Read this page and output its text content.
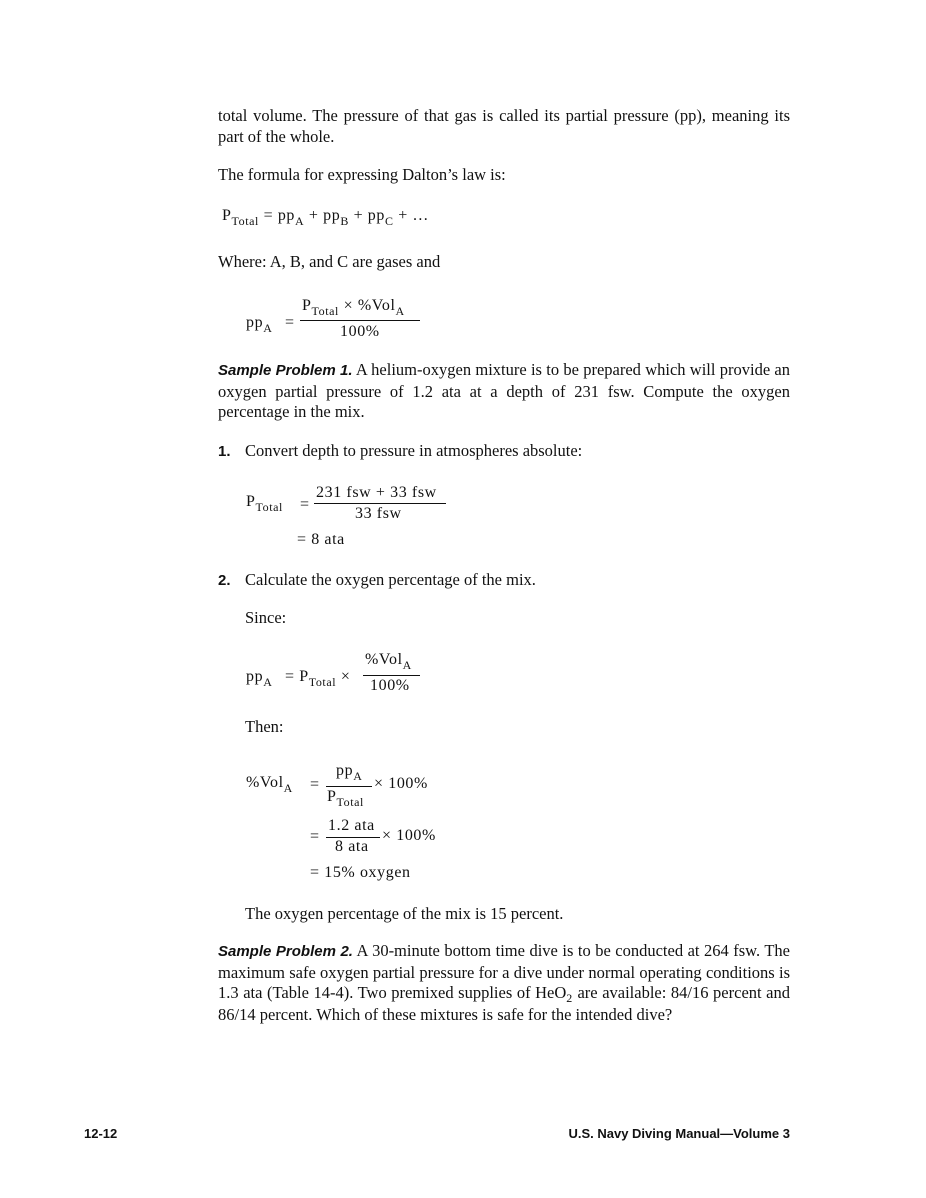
total volume. The pressure of that gas is called its partial pressure (pp), meaning its part of the whole.
The formula for expressing Dalton’s law is:
$P_{Total} = pp_A + pp_B + pp_C$ + …
Where: A, B, and C are gases and
$pp_A$ =
$P_{Total} \times \%Vol_A$
100%
Sample Problem 1. A helium-oxygen mixture is to be prepared which will provide an oxygen partial pressure of 1.2 ata at a depth of 231 fsw. Compute the oxygen percentage in the mix.
1. Convert depth to pressure in atmospheres absolute:
$P_{Total}$ =
231 fsw + 33 fsw
33 fsw
= 8 ata
2. Calculate the oxygen percentage of the mix.
Since:
$pp_A = P_{Total}$ ×
%Vol$_A$
100%
Then:
%Vol$_A$ =
$pp_A$
$P_{Total}$
× 100%
=
1.2 ata
8 ata
× 100%
= 15% oxygen
The oxygen percentage of the mix is 15 percent.
Sample Problem 2. A 30-minute bottom time dive is to be conducted at 264 fsw. The maximum safe oxygen partial pressure for a dive under normal operating conditions is 1.3 ata (Table 14-4). Two premixed supplies of HeO$_2$ are available: 84/16 percent and 86/14 percent. Which of these mixtures is safe for the intended dive?
12-12	U.S. Navy Diving Manual—Volume 3
